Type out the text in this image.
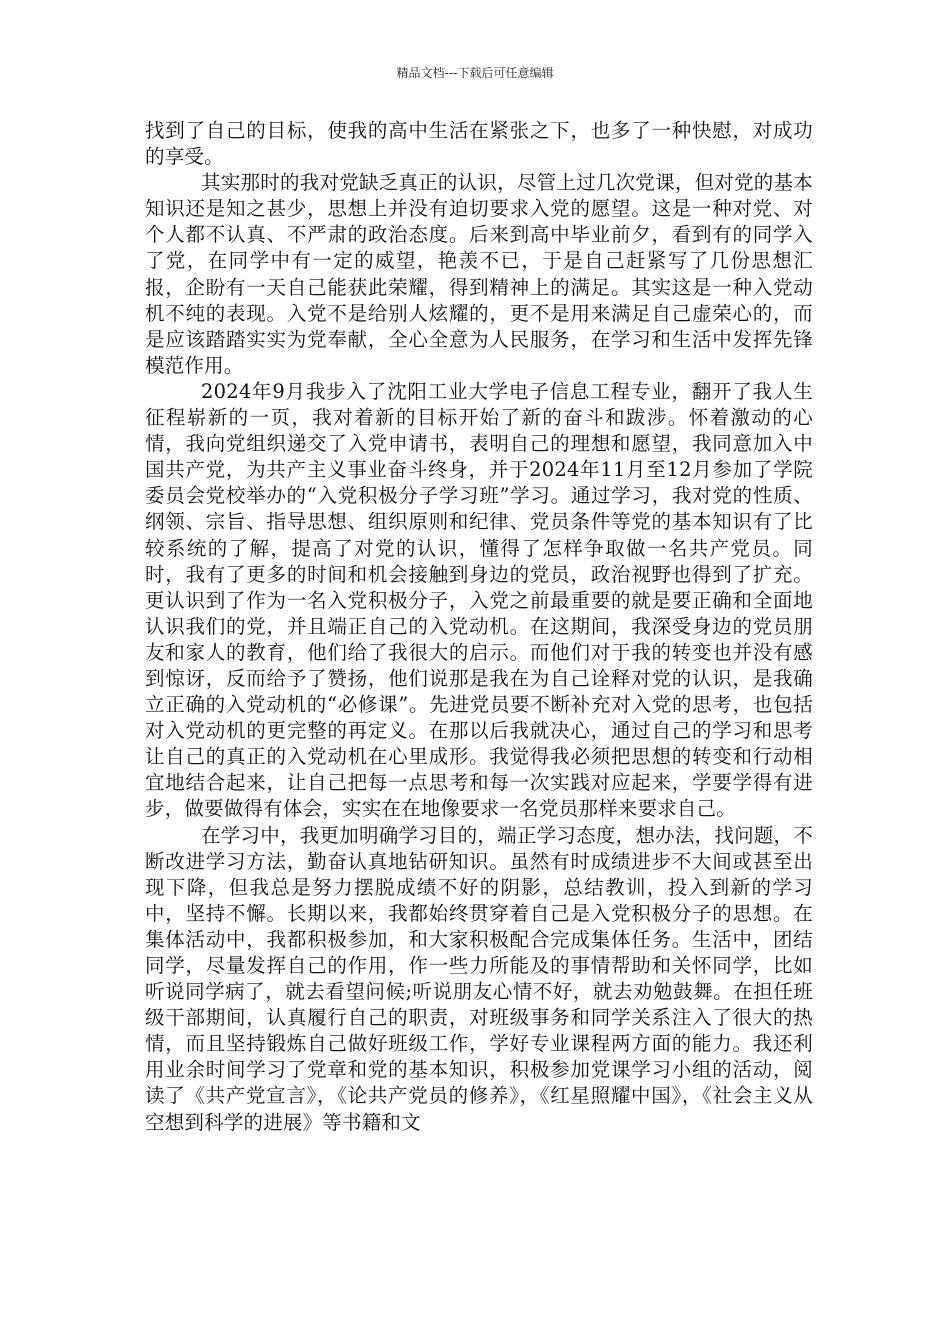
精品文档---下载后可任意编辑

找到了自己的目标，使我的高中生活在紧张之下，也多了一种快慰，对成功的享受。

其实那时的我对党缺乏真正的认识，尽管上过几次党课，但对党的基本知识还是知之甚少，思想上并没有迫切要求入党的愿望。这是一种对党、对个人都不认真、不严肃的政治态度。后来到高中毕业前夕，看到有的同学入了党，在同学中有一定的威望，艳羡不已，于是自己赶紧写了几份思想汇报，企盼有一天自己能获此荣耀，得到精神上的满足。其实这是一种入党动机不纯的表现。入党不是给别人炫耀的，更不是用来满足自己虚荣心的，而是应该踏踏实实为党奉献，全心全意为人民服务，在学习和生活中发挥先锋模范作用。

2024年9月我步入了沈阳工业大学电子信息工程专业，翻开了我人生征程崭新的一页，我对着新的目标开始了新的奋斗和跋涉。怀着激动的心情，我向党组织递交了入党申请书，表明自己的理想和愿望，我同意加入中国共产党，为共产主义事业奋斗终身，并于2024年11月至12月参加了学院委员会党校举办的“入党积极分子学习班”学习。通过学习，我对党的性质、纲领、宗旨、指导思想、组织原则和纪律、党员条件等党的基本知识有了比较系统的了解，提高了对党的认识，懂得了怎样争取做一名共产党员。同时，我有了更多的时间和机会接触到身边的党员，政治视野也得到了扩充。更认识到了作为一名入党积极分子，入党之前最重要的就是要正确和全面地认识我们的党，并且端正自己的入党动机。在这期间，我深受身边的党员朋友和家人的教育，他们给了我很大的启示。而他们对于我的转变也并没有感到惊讶，反而给予了赞扬，他们说那是我在为自己诠释对党的认识，是我确立正确的入党动机的“必修课”。先进党员要不断补充对入党的思考，也包括对入党动机的更完整的再定义。在那以后我就决心，通过自己的学习和思考让自己的真正的入党动机在心里成形。我觉得我必须把思想的转变和行动相宜地结合起来，让自己把每一点思考和每一次实践对应起来，学要学得有进步，做要做得有体会，实实在在地像要求一名党员那样来要求自己。

在学习中，我更加明确学习目的，端正学习态度，想办法，找问题，不断改进学习方法，勤奋认真地钻研知识。虽然有时成绩进步不大间或甚至出现下降，但我总是努力摆脱成绩不好的阴影，总结教训，投入到新的学习中，坚持不懈。长期以来，我都始终贯穿着自己是入党积极分子的思想。在集体活动中，我都积极参加，和大家积极配合完成集体任务。生活中，团结同学，尽量发挥自己的作用，作一些力所能及的事情帮助和关怀同学，比如听说同学病了，就去看望问候;听说朋友心情不好，就去劝勉鼓舞。在担任班级干部期间，认真履行自己的职责，对班级事务和同学关系注入了很大的热情，而且坚持锻炼自己做好班级工作，学好专业课程两方面的能力。我还利用业余时间学习了党章和党的基本知识，积极参加党课学习小组的活动，阅读了《共产党宣言》，《论共产党员的修养》，《红星照耀中国》，《社会主义从空想到科学的进展》等书籍和文
